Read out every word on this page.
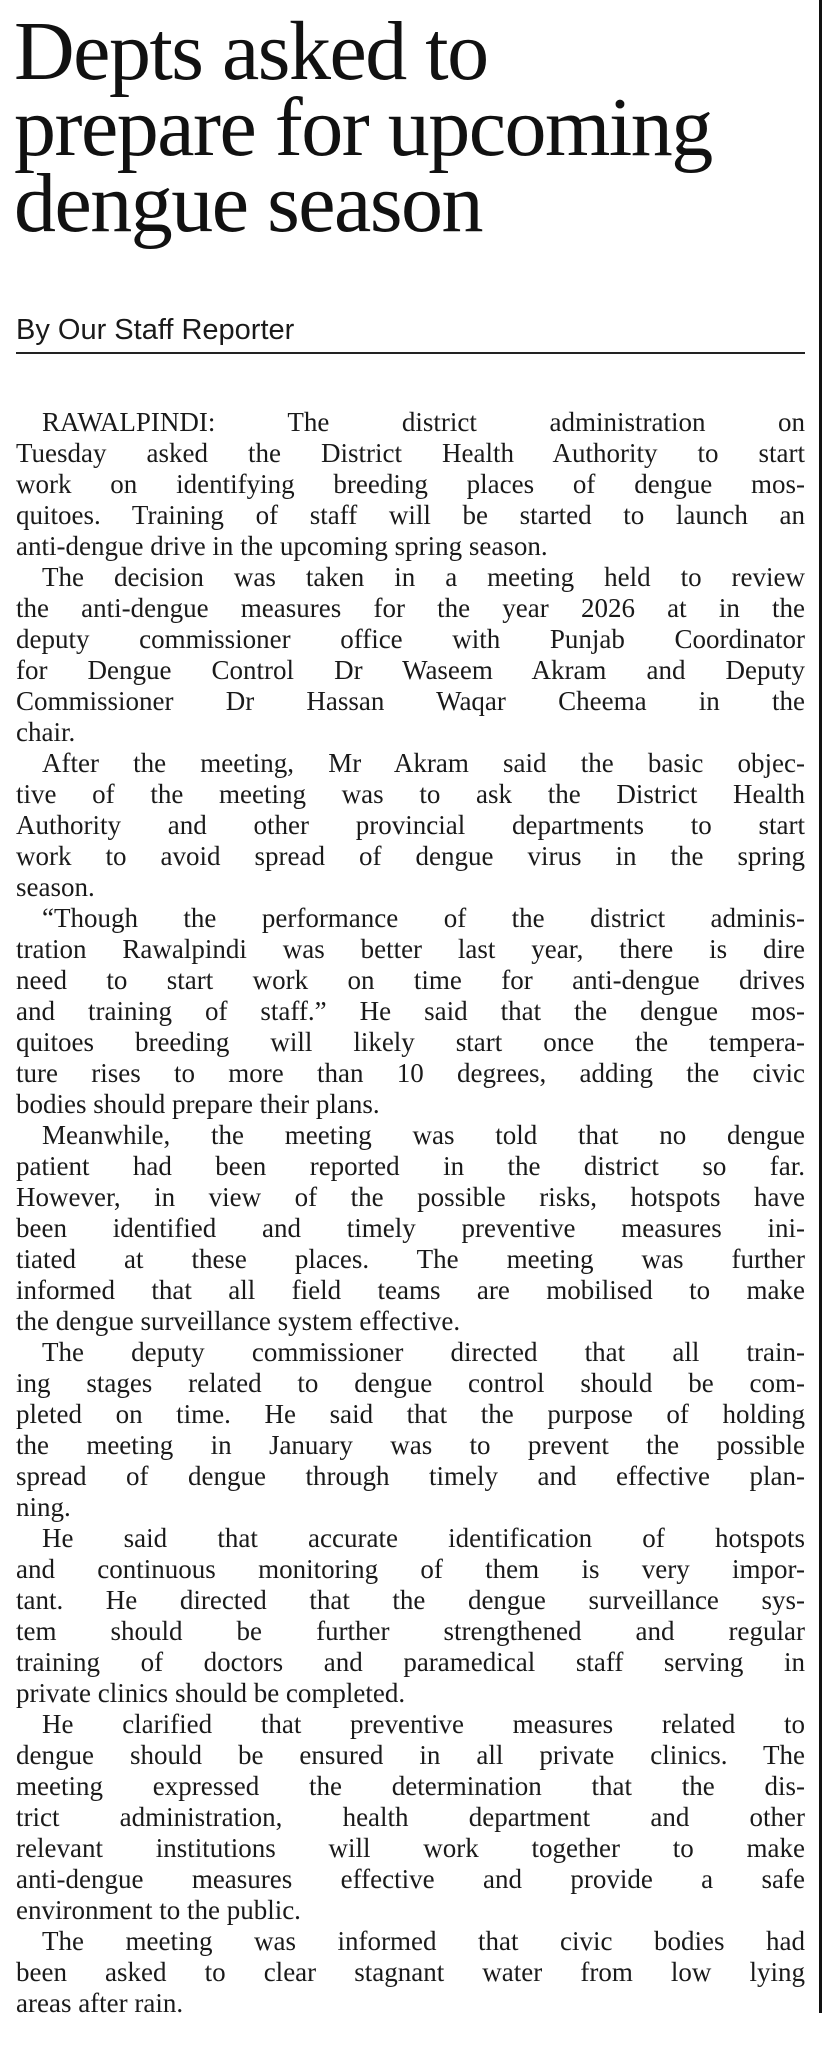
Depts asked to
prepare for upcoming
dengue season
By Our Staff Reporter
RAWALPINDI: The district administration on
Tuesday asked the District Health Authority to start
work on identifying breeding places of dengue mos-
quitoes. Training of staff will be started to launch an
anti-dengue drive in the upcoming spring season.
The decision was taken in a meeting held to review
the anti-dengue measures for the year 2026 at in the
deputy commissioner office with Punjab Coordinator
for Dengue Control Dr Waseem Akram and Deputy
Commissioner Dr Hassan Waqar Cheema in the
chair.
After the meeting, Mr Akram said the basic objec-
tive of the meeting was to ask the District Health
Authority and other provincial departments to start
work to avoid spread of dengue virus in the spring
season.
“Though the performance of the district adminis-
tration Rawalpindi was better last year, there is dire
need to start work on time for anti-dengue drives
and training of staff.” He said that the dengue mos-
quitoes breeding will likely start once the tempera-
ture rises to more than 10 degrees, adding the civic
bodies should prepare their plans.
Meanwhile, the meeting was told that no dengue
patient had been reported in the district so far.
However, in view of the possible risks, hotspots have
been identified and timely preventive measures ini-
tiated at these places. The meeting was further
informed that all field teams are mobilised to make
the dengue surveillance system effective.
The deputy commissioner directed that all train-
ing stages related to dengue control should be com-
pleted on time. He said that the purpose of holding
the meeting in January was to prevent the possible
spread of dengue through timely and effective plan-
ning.
He said that accurate identification of hotspots
and continuous monitoring of them is very impor-
tant. He directed that the dengue surveillance sys-
tem should be further strengthened and regular
training of doctors and paramedical staff serving in
private clinics should be completed.
He clarified that preventive measures related to
dengue should be ensured in all private clinics. The
meeting expressed the determination that the dis-
trict administration, health department and other
relevant institutions will work together to make
anti-dengue measures effective and provide a safe
environment to the public.
The meeting was informed that civic bodies had
been asked to clear stagnant water from low lying
areas after rain.
